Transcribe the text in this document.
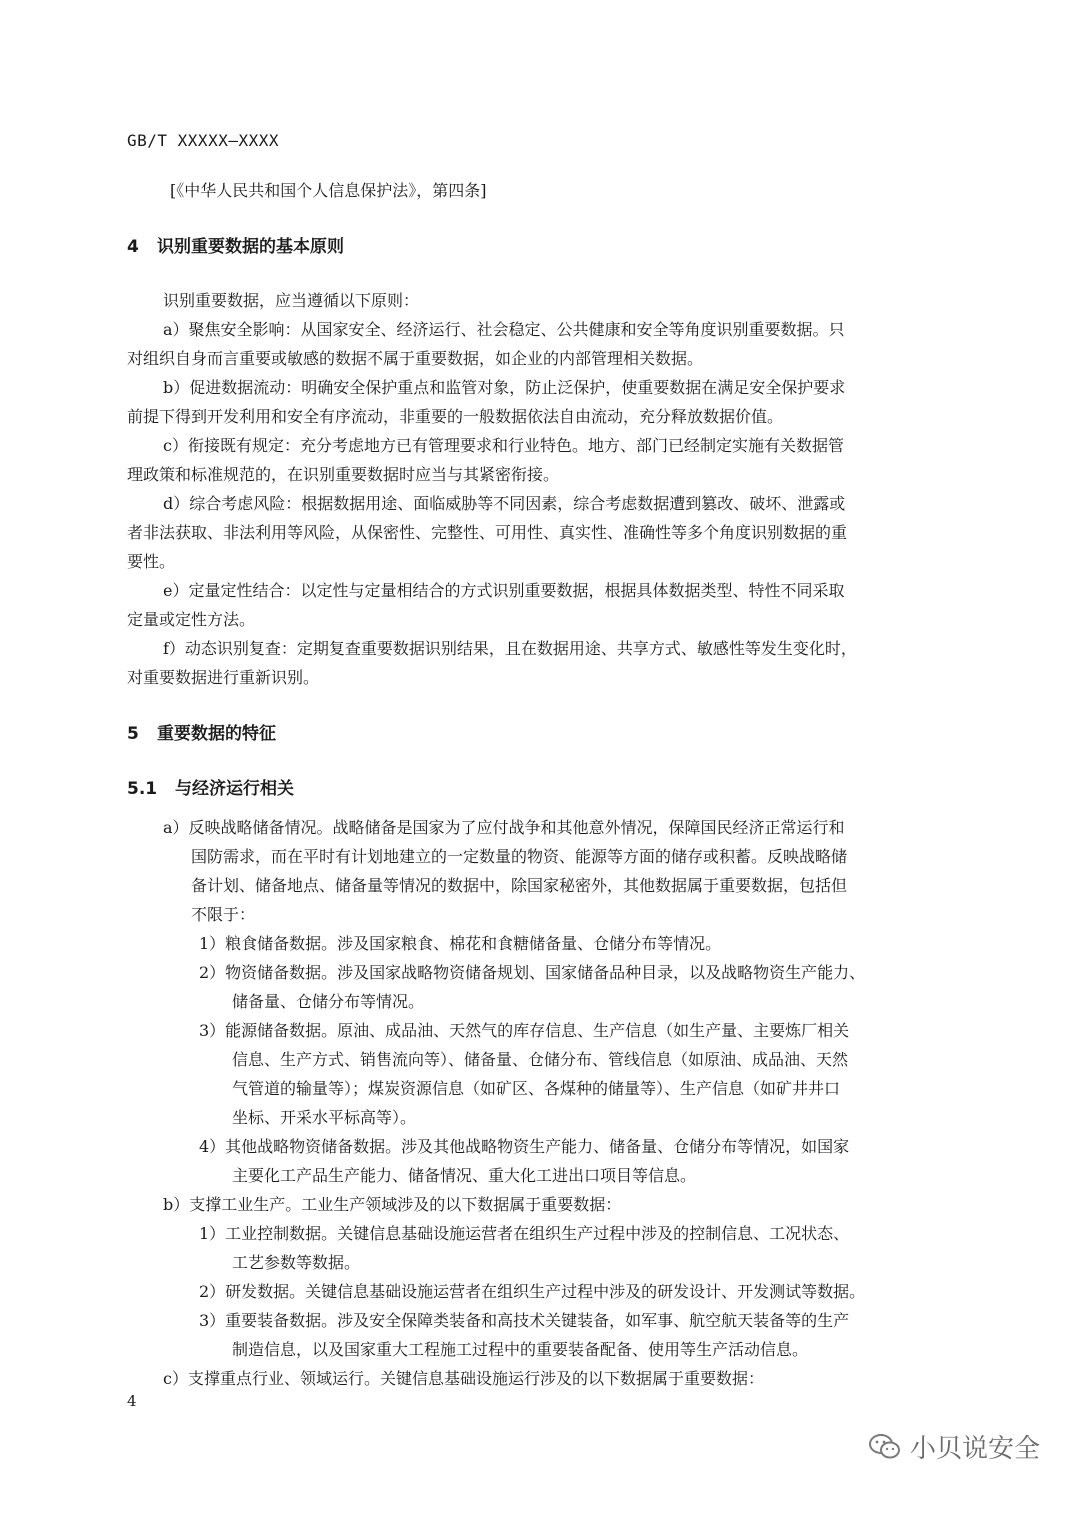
GB/T XXXXX—XXXX

[《中华人民共和国个人信息保护法》，第四条]

4 识别重要数据的基本原则

识别重要数据，应当遵循以下原则：

a）聚焦安全影响：从国家安全、经济运行、社会稳定、公共健康和安全等角度识别重要数据。只

对组织自身而言重要或敏感的数据不属于重要数据，如企业的内部管理相关数据。

b）促进数据流动：明确安全保护重点和监管对象，防止泛保护，使重要数据在满足安全保护要求

前提下得到开发利用和安全有序流动，非重要的一般数据依法自由流动，充分释放数据价值。

c）衔接既有规定：充分考虑地方已有管理要求和行业特色。地方、部门已经制定实施有关数据管

理政策和标准规范的，在识别重要数据时应当与其紧密衔接。

d）综合考虑风险：根据数据用途、面临威胁等不同因素，综合考虑数据遭到篡改、破坏、泄露或

者非法获取、非法利用等风险，从保密性、完整性、可用性、真实性、准确性等多个角度识别数据的重

要性。

e）定量定性结合：以定性与定量相结合的方式识别重要数据，根据具体数据类型、特性不同采取

定量或定性方法。

f）动态识别复查：定期复查重要数据识别结果，且在数据用途、共享方式、敏感性等发生变化时，

对重要数据进行重新识别。

5 重要数据的特征
5.1 与经济运行相关

a）反映战略储备情况。战略储备是国家为了应付战争和其他意外情况，保障国民经济正常运行和

国防需求，而在平时有计划地建立的一定数量的物资、能源等方面的储存或积蓄。反映战略储

备计划、储备地点、储备量等情况的数据中，除国家秘密外，其他数据属于重要数据，包括但

不限于：

1）粮食储备数据。涉及国家粮食、棉花和食糖储备量、仓储分布等情况。

2）物资储备数据。涉及国家战略物资储备规划、国家储备品种目录，以及战略物资生产能力、

储备量、仓储分布等情况。

3）能源储备数据。原油、成品油、天然气的库存信息、生产信息（如生产量、主要炼厂相关

信息、生产方式、销售流向等）、储备量、仓储分布、管线信息（如原油、成品油、天然

气管道的输量等）；煤炭资源信息（如矿区、各煤种的储量等）、生产信息（如矿井井口

坐标、开采水平标高等）。

4）其他战略物资储备数据。涉及其他战略物资生产能力、储备量、仓储分布等情况，如国家

主要化工产品生产能力、储备情况、重大化工进出口项目等信息。

b）支撑工业生产。工业生产领域涉及的以下数据属于重要数据：

1）工业控制数据。关键信息基础设施运营者在组织生产过程中涉及的控制信息、工况状态、

工艺参数等数据。

2）研发数据。关键信息基础设施运营者在组织生产过程中涉及的研发设计、开发测试等数据。

3）重要装备数据。涉及安全保障类装备和高技术关键装备，如军事、航空航天装备等的生产

制造信息，以及国家重大工程施工过程中的重要装备配备、使用等生产活动信息。

c）支撑重点行业、领域运行。关键信息基础设施运行涉及的以下数据属于重要数据：

4

小贝说安全
